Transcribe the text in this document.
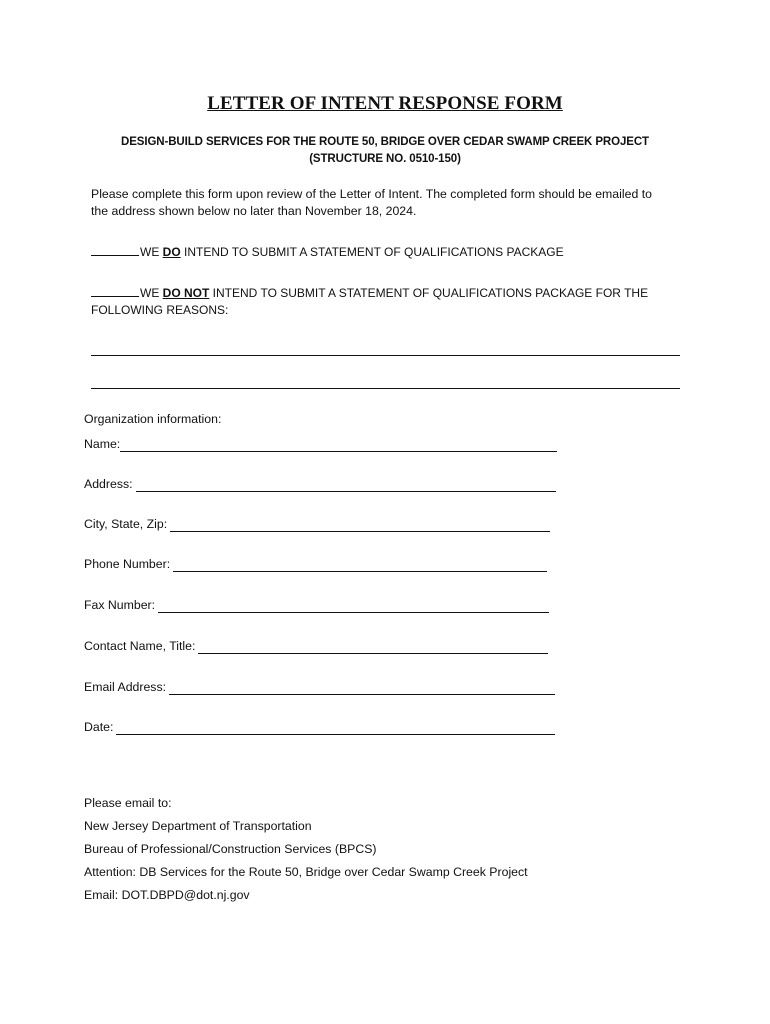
LETTER OF INTENT RESPONSE FORM
DESIGN-BUILD SERVICES FOR THE ROUTE 50, BRIDGE OVER CEDAR SWAMP CREEK PROJECT
(STRUCTURE NO. 0510-150)
Please complete this form upon review of the Letter of Intent. The completed form should be emailed to
the address shown below no later than November 18, 2024.
WE DO INTEND TO SUBMIT A STATEMENT OF QUALIFICATIONS PACKAGE
WE DO NOT INTEND TO SUBMIT A STATEMENT OF QUALIFICATIONS PACKAGE FOR THE
FOLLOWING REASONS:
Organization information:
Name:
Address:
City, State, Zip:
Phone Number:
Fax Number:
Contact Name, Title:
Email Address:
Date:
Please email to:
New Jersey Department of Transportation
Bureau of Professional/Construction Services (BPCS)
Attention: DB Services for the Route 50, Bridge over Cedar Swamp Creek Project
Email: DOT.DBPD@dot.nj.gov
